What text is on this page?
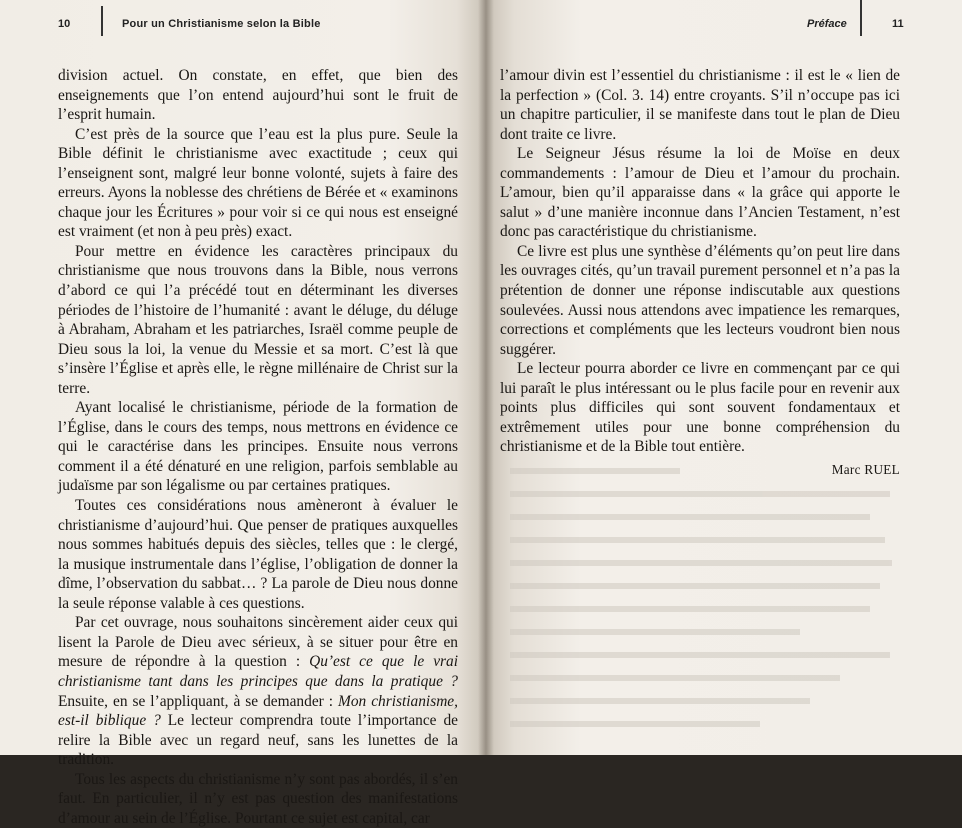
10	Pour un Christianisme selon la Bible

division actuel. On constate, en effet, que bien des enseignements que l’on entend aujourd’hui sont le fruit de l’esprit humain.

C’est près de la source que l’eau est la plus pure. Seule la Bible définit le christianisme avec exactitude ; ceux qui l’enseignent sont, malgré leur bonne volonté, sujets à faire des erreurs. Ayons la noblesse des chrétiens de Bérée et « examinons chaque jour les Écritures » pour voir si ce qui nous est enseigné est vraiment (et non à peu près) exact.

Pour mettre en évidence les caractères principaux du christianisme que nous trouvons dans la Bible, nous verrons d’abord ce qui l’a précédé tout en déterminant les diverses périodes de l’histoire de l’humanité : avant le déluge, du déluge à Abraham, Abraham et les patriarches, Israël comme peuple de Dieu sous la loi, la venue du Messie et sa mort. C’est là que s’insère l’Église et après elle, le règne millénaire de Christ sur la terre.

Ayant localisé le christianisme, période de la formation de l’Église, dans le cours des temps, nous mettrons en évidence ce qui le caractérise dans les principes. Ensuite nous verrons comment il a été dénaturé en une religion, parfois semblable au judaïsme par son légalisme ou par certaines pratiques.

Toutes ces considérations nous amèneront à évaluer le christianisme d’aujourd’hui. Que penser de pratiques auxquelles nous sommes habitués depuis des siècles, telles que : le clergé, la musique instrumentale dans l’église, l’obligation de donner la dîme, l’observation du sabbat… ? La parole de Dieu nous donne la seule réponse valable à ces questions.

Par cet ouvrage, nous souhaitons sincèrement aider ceux qui lisent la Parole de Dieu avec sérieux, à se situer pour être en mesure de répondre à la question : Qu’est ce que le vrai christianisme tant dans les principes que dans la pratique ? Ensuite, en se l’appliquant, à se demander : Mon christianisme, est-il biblique ? Le lecteur comprendra toute l’importance de relire la Bible avec un regard neuf, sans les lunettes de la tradition.

Tous les aspects du christianisme n’y sont pas abordés, il s’en faut. En particulier, il n’y est pas question des manifestations d’amour au sein de l’Église. Pourtant ce sujet est capital, car

Préface	11

l’amour divin est l’essentiel du christianisme : il est le « lien de la perfection » (Col. 3. 14) entre croyants. S’il n’occupe pas ici un chapitre particulier, il se manifeste dans tout le plan de Dieu dont traite ce livre.

Le Seigneur Jésus résume la loi de Moïse en deux commandements : l’amour de Dieu et l’amour du prochain. L’amour, bien qu’il apparaisse dans « la grâce qui apporte le salut » d’une manière inconnue dans l’Ancien Testament, n’est donc pas caractéristique du christianisme.

Ce livre est plus une synthèse d’éléments qu’on peut lire dans les ouvrages cités, qu’un travail purement personnel et n’a pas la prétention de donner une réponse indiscutable aux questions soulevées. Aussi nous attendons avec impatience les remarques, corrections et compléments que les lecteurs voudront bien nous suggérer.

Le lecteur pourra aborder ce livre en commençant par ce qui lui paraît le plus intéressant ou le plus facile pour en revenir aux points plus difficiles qui sont souvent fondamentaux et extrêmement utiles pour une bonne compréhension du christianisme et de la Bible tout entière.

Marc RUEL
